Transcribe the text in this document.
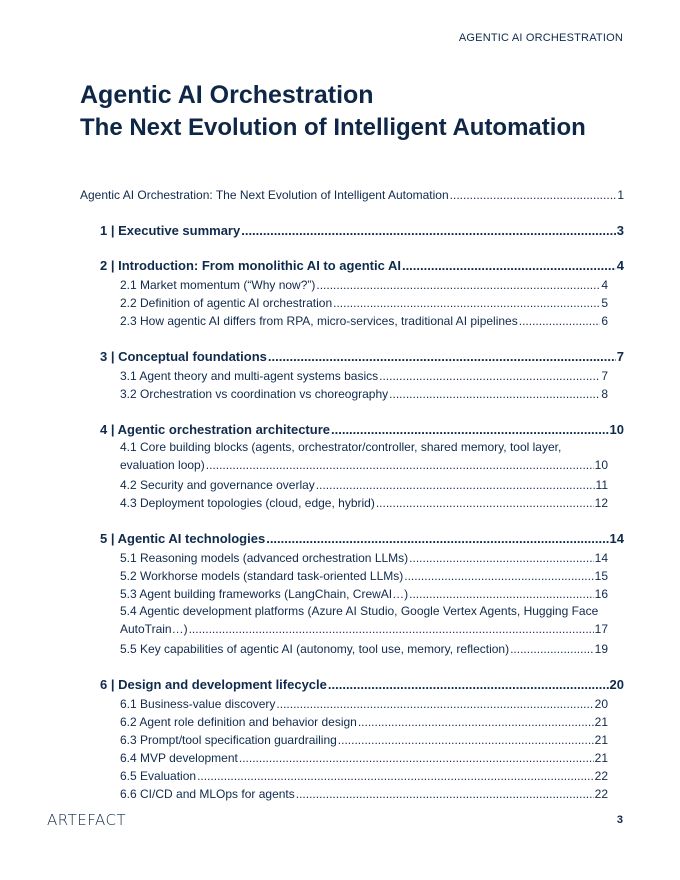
AGENTIC AI ORCHESTRATION
Agentic AI Orchestration
The Next Evolution of Intelligent Automation
Agentic AI Orchestration: The Next Evolution of Intelligent Automation .....	1
1 | Executive summary .....	3
2 | Introduction: From monolithic AI to agentic AI .....	4
2.1 Market momentum (“Why now?”) .....	4
2.2 Definition of agentic AI orchestration .....	5
2.3 How agentic AI differs from RPA, micro-services, traditional AI pipelines .....	6
3 | Conceptual foundations .....	7
3.1 Agent theory and multi-agent systems basics .....	7
3.2 Orchestration vs coordination vs choreography .....	8
4 | Agentic orchestration architecture .....	10
4.1 Core building blocks (agents, orchestrator/controller, shared memory, tool layer,
evaluation loop) .....	10
4.2 Security and governance overlay .....	11
4.3 Deployment topologies (cloud, edge, hybrid) .....	12
5 | Agentic AI technologies .....	14
5.1 Reasoning models (advanced orchestration LLMs) .....	14
5.2 Workhorse models (standard task-oriented LLMs) .....	15
5.3 Agent building frameworks (LangChain, CrewAI…) .....	16
5.4 Agentic development platforms (Azure AI Studio, Google Vertex Agents, Hugging Face
AutoTrain…) .....	17
5.5 Key capabilities of agentic AI (autonomy, tool use, memory, reflection) .....	19
6 | Design and development lifecycle .....	20
6.1 Business-value discovery .....	20
6.2 Agent role definition and behavior design .....	21
6.3 Prompt/tool specification guardrailing .....	21
6.4 MVP development .....	21
6.5 Evaluation .....	22
6.6 CI/CD and MLOps for agents .....	22
ARTEFACT	3
